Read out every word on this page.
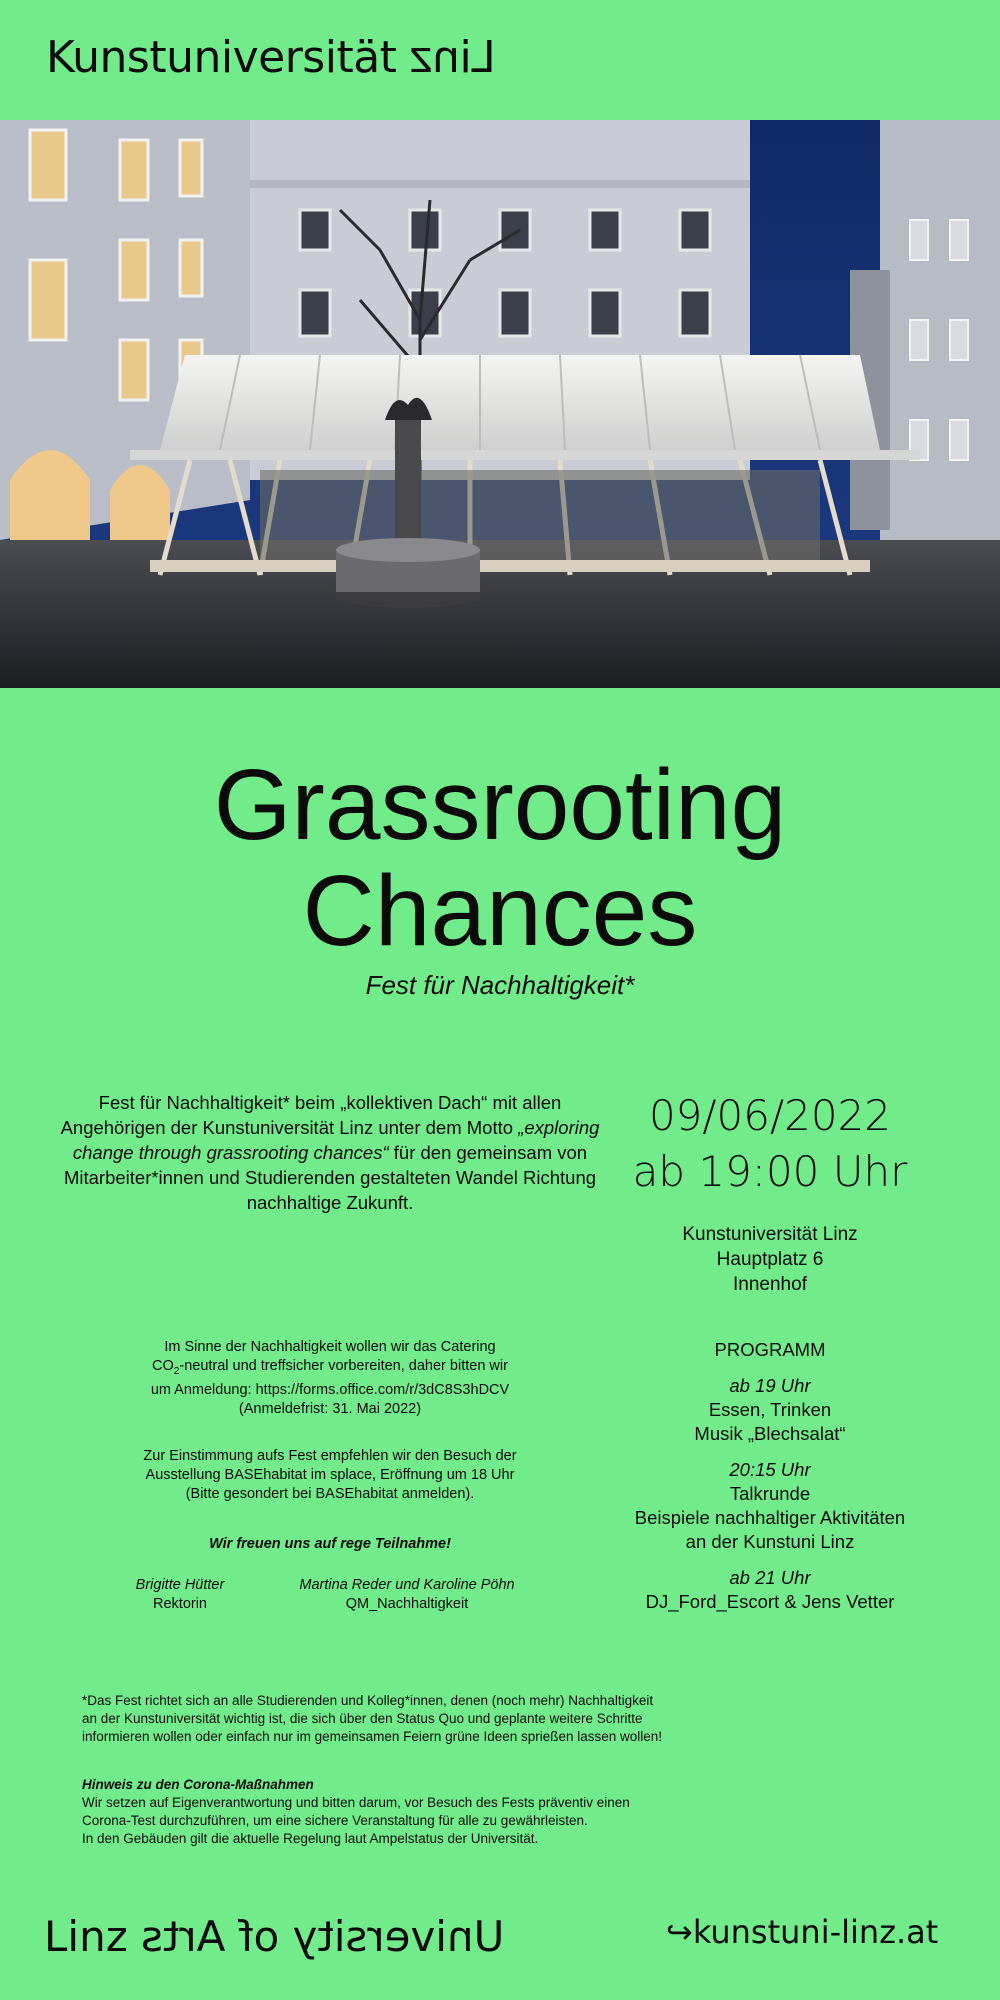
Kunstuniversität Linz
Grassrooting
Chances
Fest für Nachhaltigkeit*
Fest für Nachhaltigkeit* beim „kollektiven Dach“ mit allen Angehörigen der Kunstuniversität Linz unter dem Motto „exploring change through grassrooting chances“ für den gemeinsam von Mitarbeiter*innen und Studierenden gestalteten Wandel Richtung nachhaltige Zukunft.
Im Sinne der Nachhaltigkeit wollen wir das Catering
$CO_2$-neutral und treffsicher vorbereiten, daher bitten wir
um Anmeldung: https://forms.office.com/r/3dC8S3hDCV
(Anmeldefrist: 31. Mai 2022)
Zur Einstimmung aufs Fest empfehlen wir den Besuch der
Ausstellung BASEhabitat im splace, Eröffnung um 18 Uhr
(Bitte gesondert bei BASEhabitat anmelden).
Wir freuen uns auf rege Teilnahme!
Brigitte Hütter
Rektorin
Martina Reder und Karoline Pöhn
QM_Nachhaltigkeit
09/06/2022
ab 19:00 Uhr
Kunstuniversität Linz
Hauptplatz 6
Innenhof
PROGRAMM
ab 19 Uhr
Essen, Trinken
Musik „Blechsalat“
20:15 Uhr
Talkrunde
Beispiele nachhaltiger Aktivitäten
an der Kunstuni Linz
ab 21 Uhr
DJ_Ford_Escort & Jens Vetter
*Das Fest richtet sich an alle Studierenden und Kolleg*innen, denen (noch mehr) Nachhaltigkeit
an der Kunstuniversität wichtig ist, die sich über den Status Quo und geplante weitere Schritte
informieren wollen oder einfach nur im gemeinsamen Feiern grüne Ideen sprießen lassen wollen!
Hinweis zu den Corona-Maßnahmen
Wir setzen auf Eigenverantwortung und bitten darum, vor Besuch des Fests präventiv einen
Corona-Test durchzuführen, um eine sichere Veranstaltung für alle zu gewährleisten.
In den Gebäuden gilt die aktuelle Regelung laut Ampelstatus der Universität.
Linz University of Arts	↪kunstuni-linz.at
